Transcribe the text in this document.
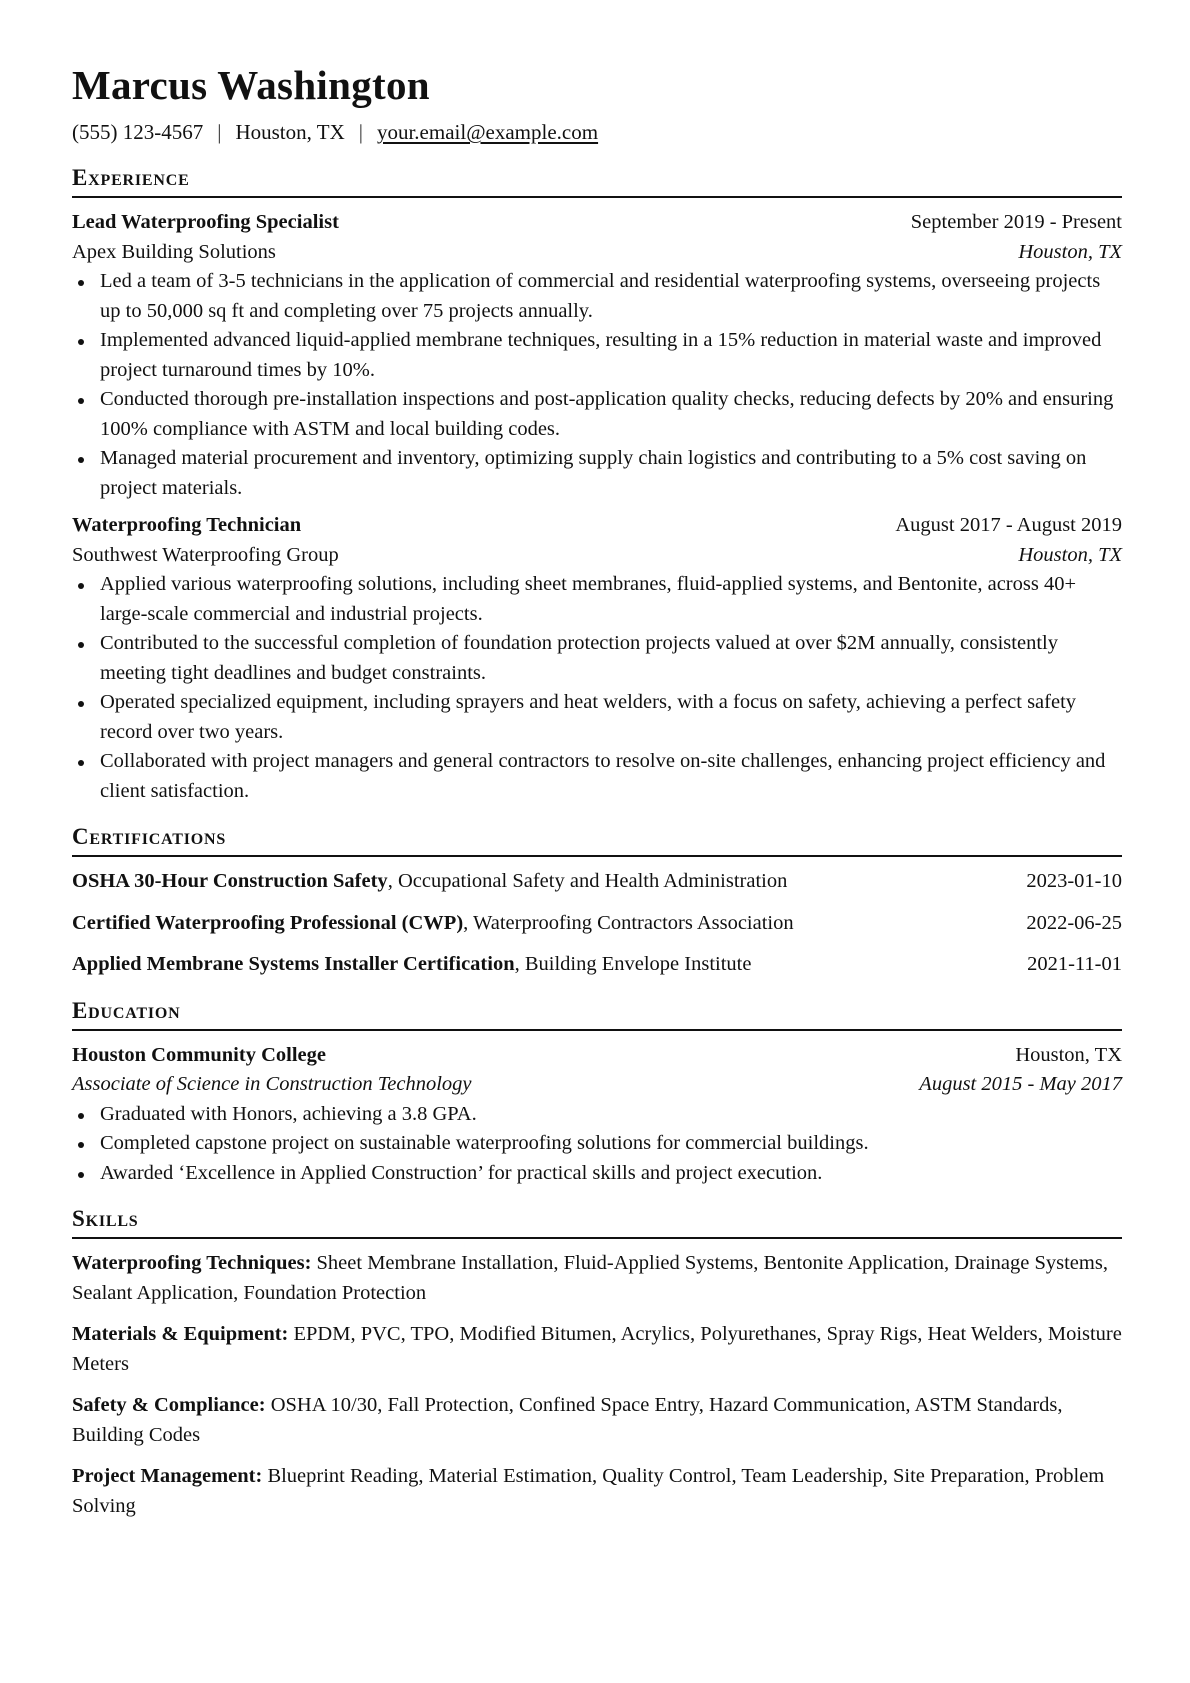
Marcus Washington
(555) 123-4567 | Houston, TX | your.email@example.com
Experience
Lead Waterproofing Specialist	September 2019 - Present
Apex Building Solutions	Houston, TX
Led a team of 3-5 technicians in the application of commercial and residential waterproofing systems, overseeing projects up to 50,000 sq ft and completing over 75 projects annually.
Implemented advanced liquid-applied membrane techniques, resulting in a 15% reduction in material waste and improved project turnaround times by 10%.
Conducted thorough pre-installation inspections and post-application quality checks, reducing defects by 20% and ensuring 100% compliance with ASTM and local building codes.
Managed material procurement and inventory, optimizing supply chain logistics and contributing to a 5% cost saving on project materials.
Waterproofing Technician	August 2017 - August 2019
Southwest Waterproofing Group	Houston, TX
Applied various waterproofing solutions, including sheet membranes, fluid-applied systems, and Bentonite, across 40+ large-scale commercial and industrial projects.
Contributed to the successful completion of foundation protection projects valued at over $2M annually, consistently meeting tight deadlines and budget constraints.
Operated specialized equipment, including sprayers and heat welders, with a focus on safety, achieving a perfect safety record over two years.
Collaborated with project managers and general contractors to resolve on-site challenges, enhancing project efficiency and client satisfaction.
Certifications
OSHA 30-Hour Construction Safety, Occupational Safety and Health Administration	2023-01-10
Certified Waterproofing Professional (CWP), Waterproofing Contractors Association	2022-06-25
Applied Membrane Systems Installer Certification, Building Envelope Institute	2021-11-01
Education
Houston Community College	Houston, TX
Associate of Science in Construction Technology	August 2015 - May 2017
Graduated with Honors, achieving a 3.8 GPA.
Completed capstone project on sustainable waterproofing solutions for commercial buildings.
Awarded ‘Excellence in Applied Construction’ for practical skills and project execution.
Skills
Waterproofing Techniques: Sheet Membrane Installation, Fluid-Applied Systems, Bentonite Application, Drainage Systems, Sealant Application, Foundation Protection
Materials & Equipment: EPDM, PVC, TPO, Modified Bitumen, Acrylics, Polyurethanes, Spray Rigs, Heat Welders, Moisture Meters
Safety & Compliance: OSHA 10/30, Fall Protection, Confined Space Entry, Hazard Communication, ASTM Standards, Building Codes
Project Management: Blueprint Reading, Material Estimation, Quality Control, Team Leadership, Site Preparation, Problem Solving
